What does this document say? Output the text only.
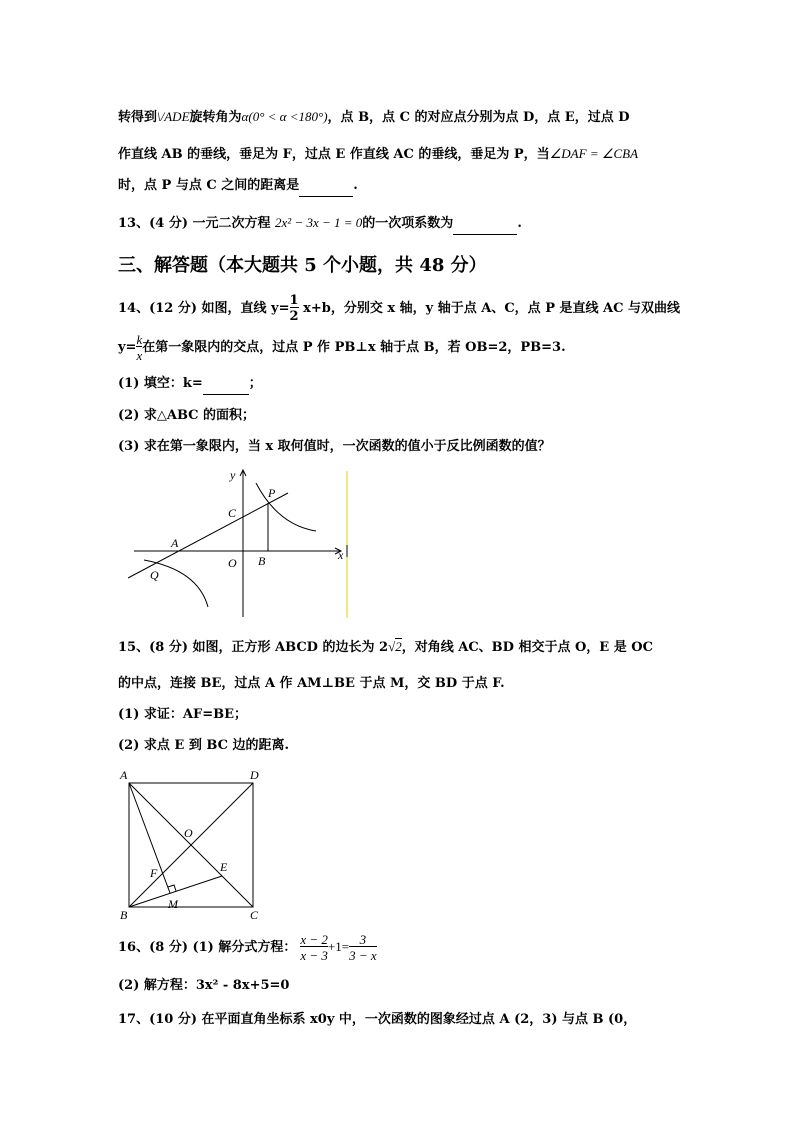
转得到\/ADE旋转角为α(0° < α <180°)，点 B，点 C 的对应点分别为点 D，点 E，过点 D
作直线 AB 的垂线，垂足为 F，过点 E 作直线 AC 的垂线，垂足为 P，当∠DAF = ∠CBA
时，点 P 与点 C 之间的距离是	.
13、(4 分) 一元二次方程 2x² − 3x − 1 = 0的一次项系数为	.
三、解答题（本大题共 5 个小题，共 48 分）
14、(12 分) 如图，直线 $y= \frac{1}{2} x+b$，分别交 x 轴，y 轴于点 A、C，点 P 是直线 AC 与双曲线
$y= \frac{k}{x}$ 在第一象限内的交点，过点 P 作 PB⊥x 轴于点 B，若 OB=2，PB=3.
(1) 填空：k=	；
(2) 求△ABC 的面积；
(3) 求在第一象限内，当 x 取何值时，一次函数的值小于反比例函数的值？
y
x
P
C
A
O B
Q
15、(8 分) 如图，正方形 ABCD 的边长为 2√2，对角线 AC、BD 相交于点 O，E 是 OC
的中点，连接 BE，过点 A 作 AM⊥BE 于点 M，交 BD 于点 F.
(1) 求证：AF=BE；
(2) 求点 E 到 BC 边的距离.
A	D
O
E
F
M
B	C
16、(8 分) (1) 解分式方程： $\frac{x - 2}{x - 3} +1= \frac{3}{3 - x}$
(2) 解方程：3x² - 8x+5=0
17、(10 分) 在平面直角坐标系 x0y 中，一次函数的图象经过点 A (2，3) 与点 B (0，
